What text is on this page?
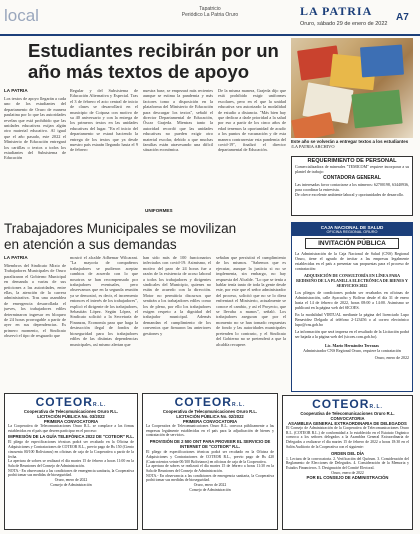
local	Tapatricio
Periódico La Patria Oruro	LA PATRIA
Oruro, sábado 29 de enero de 2022
A7
Estudiantes recibirán por un año más textos de apoyo
LA PATRIA
Los textos de apoyo llegarán a cada uno de los estudiantes del departamento de Oruro de manera paulatina por lo que las autoridades revelan que está prohibido que las unidades educativas exijan algún otro material educativo. Al igual que el año pasado, este 2022 el Ministerio de Educación entregará los cartillas o textos a todos los estudiantes del Subsistema de Educación
Regular y del Subsistema de Educación Alternativa y Especial. Tras el 3 de febrero el acto central de inicio de clases se desarrollará en el municipio de Coipasa con motivo de su 40 aniversario y con la entrega de los primeros textos en las unidades educativas del lugar. "En el inicio del departamento se estará haciendo la entrega de los textos que ya desde nuestro país estarán llegando hasta el 9 de febrero
nuestra base, se empezará más recientes aunque se estima la pandemia y más factores tomo a disposición en la plataforma del Ministerio de Educación para descargar los textos", señaló el director Departamental de Educación, Óscar Grajeda. Mientras tanto la autoridad recordó que las unidades educativas no pueden exigir otro material escolar, debido a que muchas familias están atravesando una difícil situación económica.
UNIFORMES
De la misma manera, Grajeda dijo que está prohibido exigir uniformes escolares, pero en el que la unidad educativa sea autorizado la modalidad de estudio a distancia. "Más bien hay que dedicar a darle prioridad a la salud por eso a partir de los cinco años de edad tenemos la oportunidad de acudir a los puntos de vacunación y de esta manera contrarrestar esta pandemia del covid-19", finalizó el director departamental de Educación.
Este año se volverán a entregar textos a los estudiantes /LA PATRIA ARCHIVO
REQUERIMIENTO DE PERSONAL
Comercializadora de minerales "TEMICOM" requiere incorporar a su plantel de trabajo:
CONTADORA GENERAL
Las interesadas favor contactarse a los números: 62700198, 63440936, para coordinar la entrevista.
De ofrece excelente ambiente laboral y oportunidades de desarrollo.
Trabajadores Municipales se movilizan en atención a sus demandas
LA PATRIA
Miembros del Sindicato Mixto de Trabajadores Municipales de Oruro paralizaron el Gobierno Municipal en demanda a varias de sus peticiones a las autoridades, entre ellas, la atención de la carrera administrativa. Tras una asamblea de emergencia desarrollada el jueves, los trabajadores ediles determinaron ingresar en bloqueo de 24 horas prorrogable a partir de ayer en sus dependencias. Es primero momento, el Sindicato observó el tipo de resguardo que
mostró el alcalde Adhemar Wilcarani. "La mayoría de compañeros trabajadores se pudieron aceptar cambios de acuerdo con lo que nosotros se han recompensado por trabajadores eventuales, pero observamos que en la segunda reunión ya se demostró, es decir, el incremento entonces el interés de los trabajadores", explicó el dirigente de los trabajadores, Sebastián López. Según López, el Sindicato solicitó a la Secretaría de Finanzas, Economía para que haga la destrucción ilegal de fondos de bioseguridad para los trabajadores ediles de las distintas dependencias municipales, así mismo alertan que
han sido más de 100 funcionarios infectados con covid-19. Asimismo, el motivo del paro de 24 horas fue a razón de la existencia de acoso laboral a todos los trabajadores y dirigentes sindicales del Municipio, quienes no están de acuerdo con la dirección. Motor no permitiría discursos que sentirán a los trabajadores ediles como los de pleno, por ello los trabajadores exigen respeto a la dignidad del trabajador municipal. Además demandan el cumplimiento de los convenios que firmaron las anteriores gestiones y
señalan que persistirá el cumplimiento de los mismos. "Sabemos que es ejecutar, aunque la justicia si no se implementa, sin embargo, no hay respuesta del Alcalde. "Lo que se tenía a hablar tenía tanto de toda la gente desde este, por este que el señor administrador del proceso, solicitó que no se lo diera enfrentará el Ministerio, actualmente se conoce el cambio, y así el Proyecto, que se llevaba a manos", señaló. Los trabajadores aseguran que por el momento no se han tomado respuestas de fondo y las autoridades municipales pretenden lo contrario, y el Sindicato del Gobierno no se pretenderá a que la alcaldía recupere.
CAJA NACIONAL DE SALUD
OFICINA REGIONAL ORURO
INVITACIÓN PÚBLICA
La Administración de la Caja Nacional de Salud (CNS) Regional Oruro, tiene el agrado de invitar a las empresas legalmente establecidas en el país a presentar sus propuestas para el proceso de contratación:
ADQUISICIÓN DE CONSULTORÍA EN LÍNEA PARA REDISEÑO DE LA PLANILLA ELECTRÓNICA DE BIENES Y SERVICIOS 2022
Los pliegos de condiciones podrán ser recabados en oficinas de Administración, calle Ayacucho y Bolívar desde el día 31 de enero hasta el 14 de febrero de 2022, horas 08:00 a 14:00. Asimismo se publicará en la página web del SICOES.
En la modalidad VIRTUAL mediante la página del licenciado Lupo Benavidez Delgado al teléfono 2-123456 o al correo electrónico lupo@cns.gob.bo
La información que será impresa en el resultado de la Licitación podrá ser bajada a la página web del (sicoes.com.gob.bo).
Lic. Mario Hernández Terrazas
Administrador CNS Regional Oruro, requiere la contratación
Oruro, enero de 2022
COTEORR.L.
Cooperativa de Telecomunicaciones Oruro R.L.
LICITACIÓN PÚBLICA No. 03/2022
PRIMERA CONVOCATORIA
La Cooperativa de Telecomunicaciones Oruro R.L. se complace a las firmas establecidas en el país que deseen participar en el proceso:
IMPRESIÓN DE LA GUÍA TELEFÓNICA 2022 DE "COTEOR" R.L.
El pliego de especificaciones técnicas podrá ser recabado en la Oficina de Adquisiciones y Contrataciones de COTEOR R.L., previo pago de Bs 150 (Ciento cincuenta 00/100 Bolivianos) en oficinas de caja de la Cooperativa a partir de la fecha.
La apertura de sobres se realizará el día martes 15 de febrero a horas 11:00 en la Sala de Reuniones del Consejo de Administración.
NOTA.- En observancia a las condiciones de emergencia sanitaria, la Cooperativa podrá tomar sus medidas de bioseguridad.
Oruro, enero de 2022
Consejo de Administración
COTEORR.L.
Cooperativa de Telecomunicaciones Oruro R.L.
LICITACIÓN PÚBLICA No. 02/2022
PRIMERA CONVOCATORIA
La Cooperativa de Telecomunicaciones Oruro R.L. convoca públicamente a las empresas legalmente establecidas en el país para la adjudicación de bienes y contratación de servicios.
PROVISIÓN DE 2 500 ONT PARA PROVEER EL SERVICIO DE INTERNET DE "COTEOR" R.L.
El pliego de especificaciones técnicas podrá ser recabado en la Oficina de Adquisiciones y Contrataciones de COTEOR R.L., previo pago de Bs 420 (Cuatrocientos veinte 00/100 Bolivianos) en oficinas de caja de la Cooperativa.
La apertura de sobres se realizará el día martes 15 de febrero a horas 11:30 en la Sala de Reuniones del Consejo de Administración.
NOTA.- En observancia a las condiciones de emergencia sanitaria, la Cooperativa podrá tomar sus medidas de bioseguridad.
Oruro, enero de 2022
Consejo de Administración
COTEORR.L.
Cooperativa de Telecomunicaciones Oruro R.L.
CONVOCATORIA
ASAMBLEA GENERAL EXTRAORDINARIA DE DELEGADOS
El Consejo de Administración de la Cooperativa de Telecomunicaciones Oruro R.L. (COTEOR R.L.) de conformidad a lo establecido en el Estatuto Orgánico convoca a los señores delegados a la Asamblea General Extraordinaria de Delegados a realizarse el día martes 15 de febrero de 2022 a horas 18:30 en el Salón Auditorio de la Cooperativa con el siguiente:
ORDEN DEL DÍA
1. Lectura de la convocatoria. 2. Verificación del Quórum. 3. Consideración del Reglamento de Elecciones de Delegados. 4. Consideración de la Memoria y Estados Financieros. 5. Designación del Comité Electoral.
Oruro, enero de 2022
POR EL CONSEJO DE ADMINISTRACIÓN
